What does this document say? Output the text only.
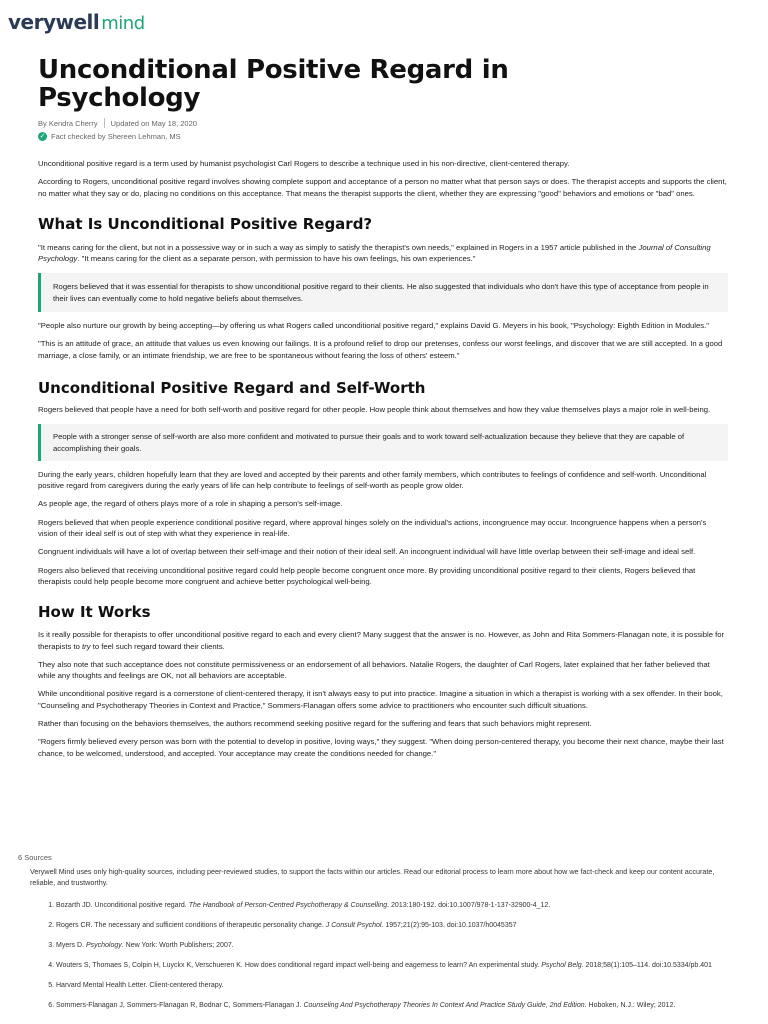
verywell mind
Unconditional Positive Regard in
Psychology
By Kendra Cherry Updated on May 18, 2020
✓ Fact checked by Shereen Lehman, MS

Unconditional positive regard is a term used by humanist psychologist Carl Rogers to describe a technique used in his non-directive, client-centered therapy.

According to Rogers, unconditional positive regard involves showing complete support and acceptance of a person no matter what that person says or does. The therapist accepts and supports the client, no matter what they say or do, placing no conditions on this acceptance. That means the therapist supports the client, whether they are expressing "good" behaviors and emotions or "bad" ones.

What Is Unconditional Positive Regard?

"It means caring for the client, but not in a possessive way or in such a way as simply to satisfy the therapist's own needs," explained in Rogers in a 1957 article published in the Journal of Consulting Psychology. "It means caring for the client as a separate person, with permission to have his own feelings, his own experiences."

Rogers believed that it was essential for therapists to show unconditional positive regard to their clients. He also suggested that individuals who don't have this type of acceptance from people in their lives can eventually come to hold negative beliefs about themselves.

"People also nurture our growth by being accepting—by offering us what Rogers called unconditional positive regard," explains David G. Meyers in his book, "Psychology: Eighth Edition in Modules."

"This is an attitude of grace, an attitude that values us even knowing our failings. It is a profound relief to drop our pretenses, confess our worst feelings, and discover that we are still accepted. In a good marriage, a close family, or an intimate friendship, we are free to be spontaneous without fearing the loss of others' esteem."

Unconditional Positive Regard and Self-Worth

Rogers believed that people have a need for both self-worth and positive regard for other people. How people think about themselves and how they value themselves plays a major role in well-being.

People with a stronger sense of self-worth are also more confident and motivated to pursue their goals and to work toward self-actualization because they believe that they are capable of accomplishing their goals.

During the early years, children hopefully learn that they are loved and accepted by their parents and other family members, which contributes to feelings of confidence and self-worth. Unconditional positive regard from caregivers during the early years of life can help contribute to feelings of self-worth as people grow older.

As people age, the regard of others plays more of a role in shaping a person's self-image.

Rogers believed that when people experience conditional positive regard, where approval hinges solely on the individual's actions, incongruence may occur. Incongruence happens when a person's vision of their ideal self is out of step with what they experience in real-life.

Congruent individuals will have a lot of overlap between their self-image and their notion of their ideal self. An incongruent individual will have little overlap between their self-image and ideal self.

Rogers also believed that receiving unconditional positive regard could help people become congruent once more. By providing unconditional positive regard to their clients, Rogers believed that therapists could help people become more congruent and achieve better psychological well-being.

How It Works

Is it really possible for therapists to offer unconditional positive regard to each and every client? Many suggest that the answer is no. However, as John and Rita Sommers-Flanagan note, it is possible for therapists to try to feel such regard toward their clients.

They also note that such acceptance does not constitute permissiveness or an endorsement of all behaviors. Natalie Rogers, the daughter of Carl Rogers, later explained that her father believed that while any thoughts and feelings are OK, not all behaviors are acceptable.

While unconditional positive regard is a cornerstone of client-centered therapy, it isn't always easy to put into practice. Imagine a situation in which a therapist is working with a sex offender. In their book, "Counseling and Psychotherapy Theories in Context and Practice," Sommers-Flanagan offers some advice to practitioners who encounter such difficult situations.

Rather than focusing on the behaviors themselves, the authors recommend seeking positive regard for the suffering and fears that such behaviors might represent.

"Rogers firmly believed every person was born with the potential to develop in positive, loving ways," they suggest. "When doing person-centered therapy, you become their next chance, maybe their last chance, to be welcomed, understood, and accepted. Your acceptance may create the conditions needed for change."

6 Sources

Verywell Mind uses only high-quality sources, including peer-reviewed studies, to support the facts within our articles. Read our editorial process to learn more about how we fact-check and keep our content accurate, reliable, and trustworthy.

1. Bozarth JD. Unconditional positive regard. The Handbook of Person-Centred Psychotherapy & Counselling. 2013:180-192. doi:10.1007/978-1-137-32900-4_12.
2. Rogers CR. The necessary and sufficient conditions of therapeutic personality change. J Consult Psychol. 1957;21(2):95-103. doi:10.1037/h0045357
3. Myers D. Psychology. New York: Worth Publishers; 2007.
4. Wouters S, Thomaes S, Colpin H, Luyckx K, Verschueren K. How does conditional regard impact well-being and eagerness to learn? An experimental study. Psychol Belg. 2018;58(1):105–114. doi:10.5334/pb.401
5. Harvard Mental Health Letter. Client-centered therapy.
6. Sommers-Flanagan J, Sommers-Flanagan R, Bodnar C, Sommers-Flanagan J. Counseling And Psychotherapy Theories In Context And Practice Study Guide, 2nd Edition. Hoboken, N.J.: Wiley; 2012.
